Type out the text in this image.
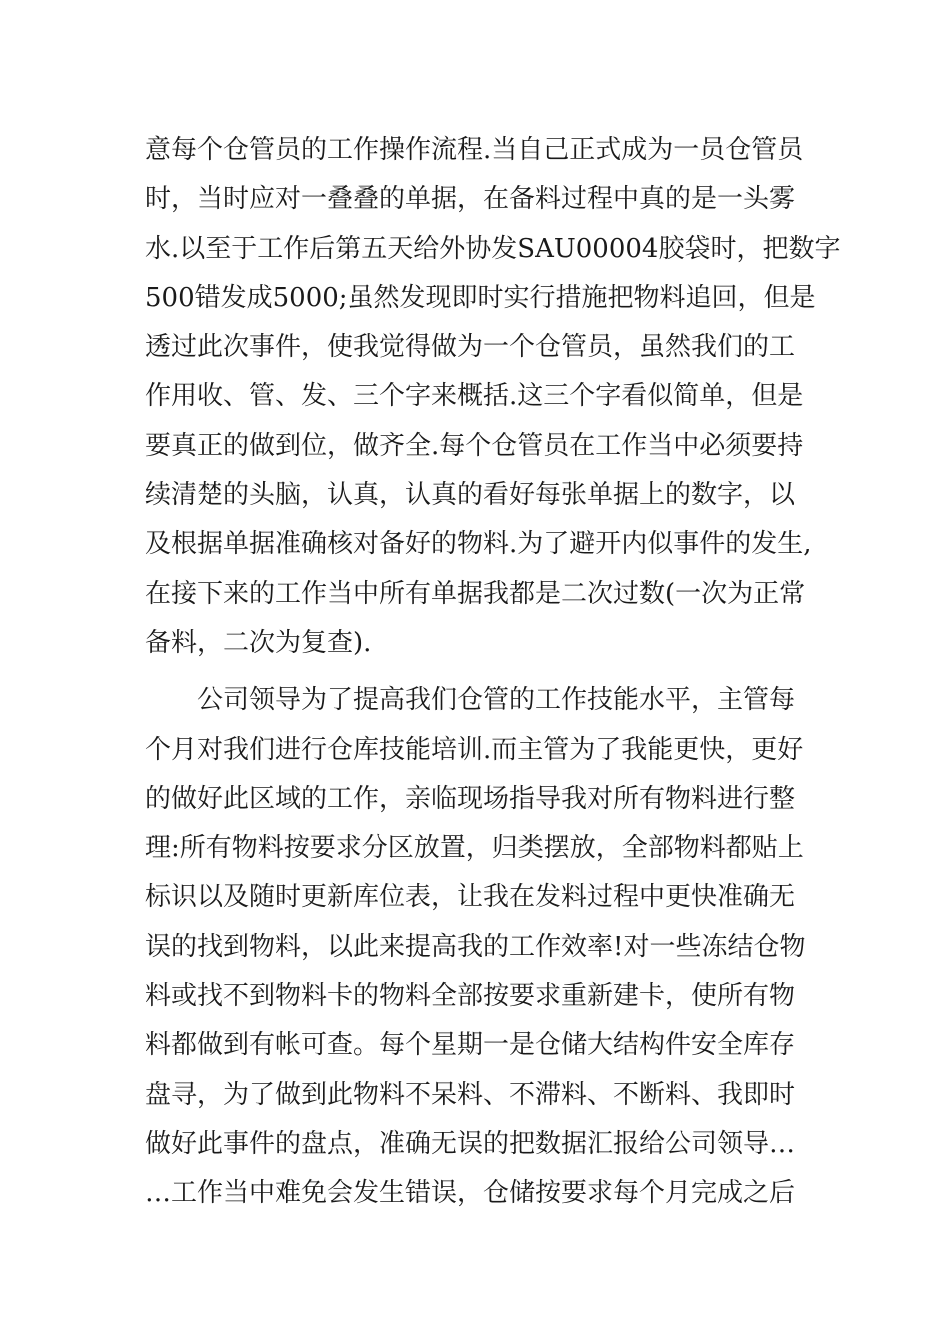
意每个仓管员的工作操作流程.当自己正式成为一员仓管员
时，当时应对一叠叠的单据，在备料过程中真的是一头雾
水.以至于工作后第五天给外协发SAU00004胶袋时，把数字
500错发成5000;虽然发现即时实行措施把物料追回，但是
透过此次事件，使我觉得做为一个仓管员，虽然我们的工
作用收、管、发、三个字来概括.这三个字看似简单，但是
要真正的做到位，做齐全.每个仓管员在工作当中必须要持
续清楚的头脑，认真，认真的看好每张单据上的数字，以
及根据单据准确核对备好的物料.为了避开内似事件的发生,
在接下来的工作当中所有单据我都是二次过数(一次为正常
备料，二次为复查).
公司领导为了提高我们仓管的工作技能水平，主管每
个月对我们进行仓库技能培训.而主管为了我能更快，更好
的做好此区域的工作，亲临现场指导我对所有物料进行整
理:所有物料按要求分区放置，归类摆放，全部物料都贴上
标识以及随时更新库位表，让我在发料过程中更快准确无
误的找到物料，以此来提高我的工作效率!对一些冻结仓物
料或找不到物料卡的物料全部按要求重新建卡，使所有物
料都做到有帐可查。每个星期一是仓储大结构件安全库存
盘寻，为了做到此物料不呆料、不滞料、不断料、我即时
做好此事件的盘点，准确无误的把数据汇报给公司领导…
…工作当中难免会发生错误，仓储按要求每个月完成之后
